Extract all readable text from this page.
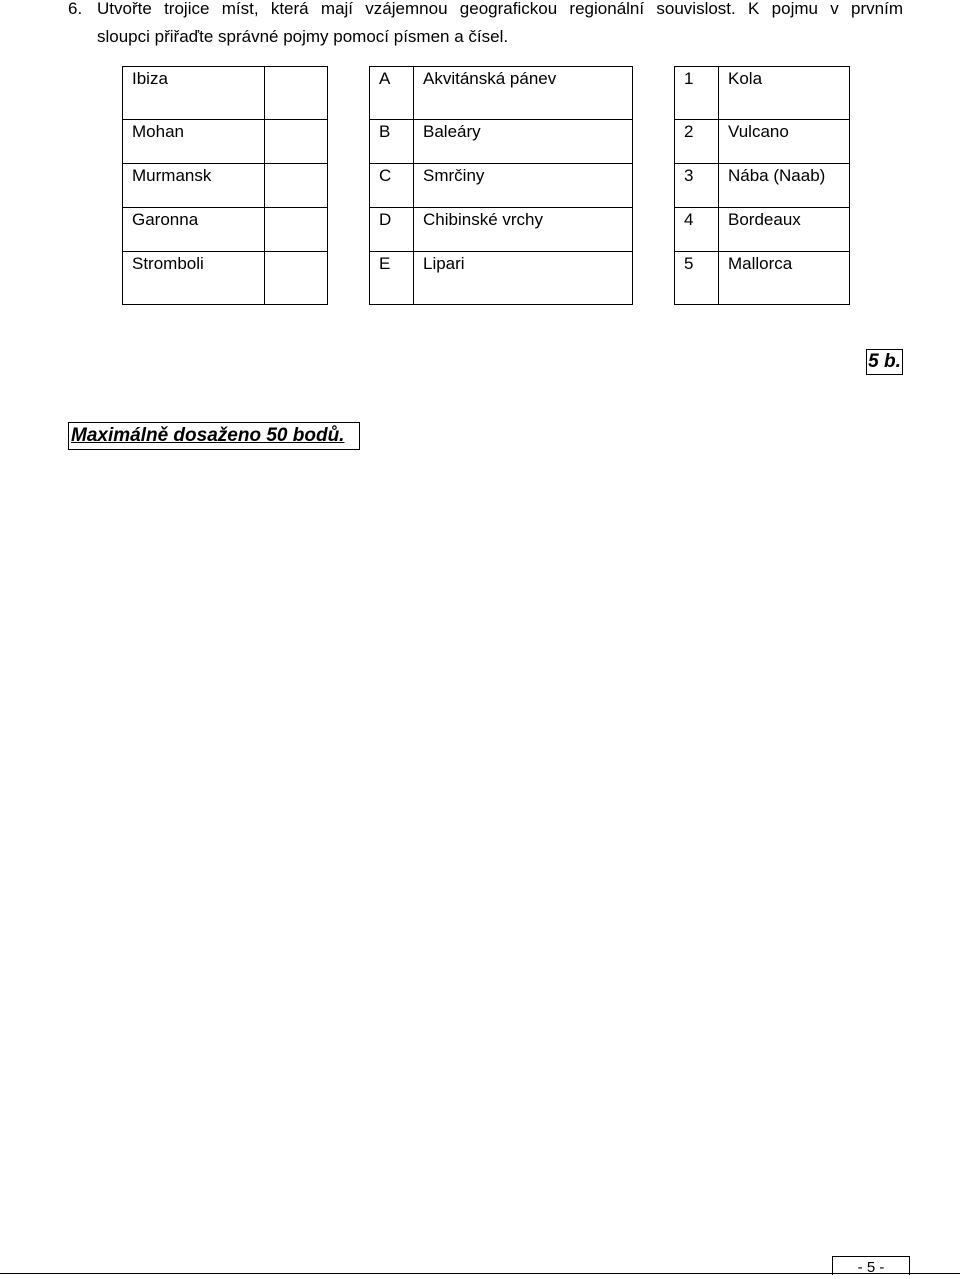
6. Utvořte trojice míst, která mají vzájemnou geografickou regionální souvislost. K pojmu v prvním
sloupci přiřaďte správné pojmy pomocí písmen a čísel.
Ibiza	

Mohan	

Murmansk	

Garonna	

Stromboli	

A	Akvitánská pánev

B	Baleáry

C	Smrčiny

D	Chibinské vrchy

E	Lipari
1	Kola

2	Vulcano

3	Nába (Naab)

4	Bordeaux

5	Mallorca
5 b.
Maximálně dosaženo 50 bodů.
- 5 -
